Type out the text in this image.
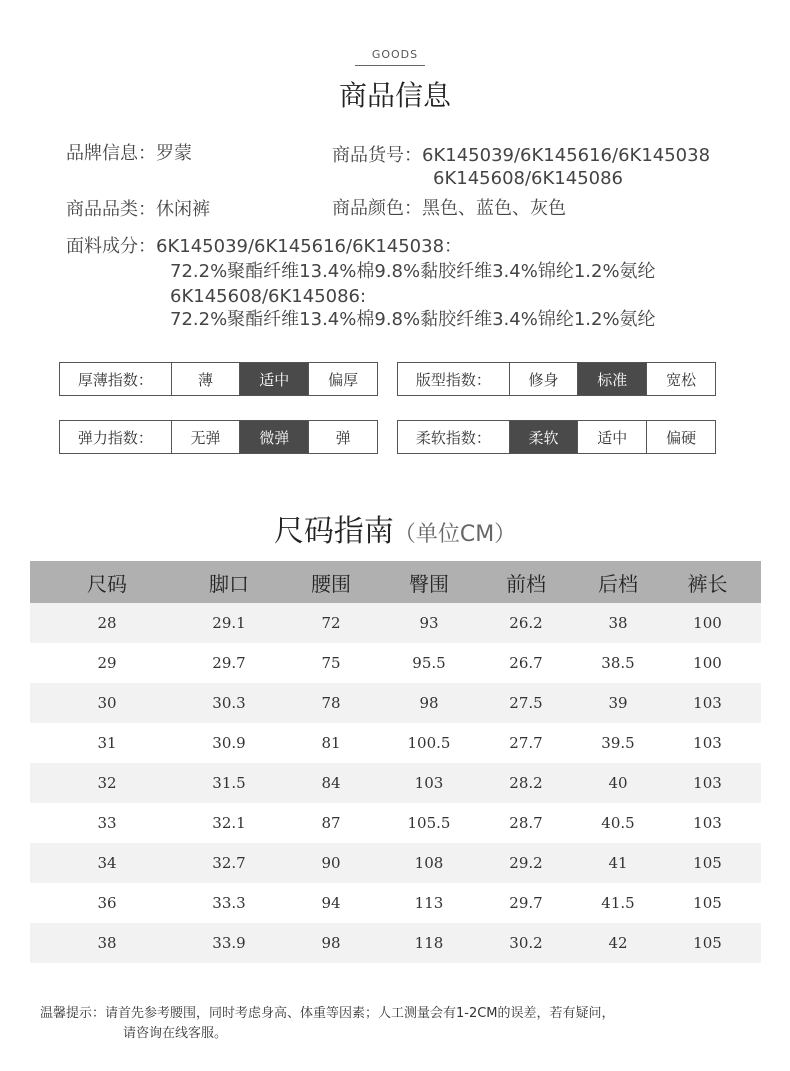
GOODS
商品信息
品牌信息：罗蒙	商品货号：6K145039/6K145616/6K145038
6K145608/6K145086
商品品类：休闲裤	商品颜色：黑色、蓝色、灰色
面料成分：6K145039/6K145616/6K145038：
72.2%聚酯纤维13.4%棉9.8%黏胶纤维3.4%锦纶1.2%氨纶
6K145608/6K145086:
72.2%聚酯纤维13.4%棉9.8%黏胶纤维3.4%锦纶1.2%氨纶
厚薄指数：	薄	适中	偏厚	版型指数：	修身	标准	宽松
弹力指数：	无弹	微弹	弹	柔软指数：	柔软	适中	偏硬
尺码指南（单位CM）
尺码	脚口	腰围	臀围	前档	后档	裤长
28	29.1	72	93	26.2	38	100
29	29.7	75	95.5	26.7	38.5	100
30	30.3	78	98	27.5	39	103
31	30.9	81	100.5	27.7	39.5	103
32	31.5	84	103	28.2	40	103
33	32.1	87	105.5	28.7	40.5	103
34	32.7	90	108	29.2	41	105
36	33.3	94	113	29.7	41.5	105
38	33.9	98	118	30.2	42	105
温馨提示：请首先参考腰围，同时考虑身高、体重等因素；人工测量会有1-2CM的误差，若有疑问，
请咨询在线客服。
